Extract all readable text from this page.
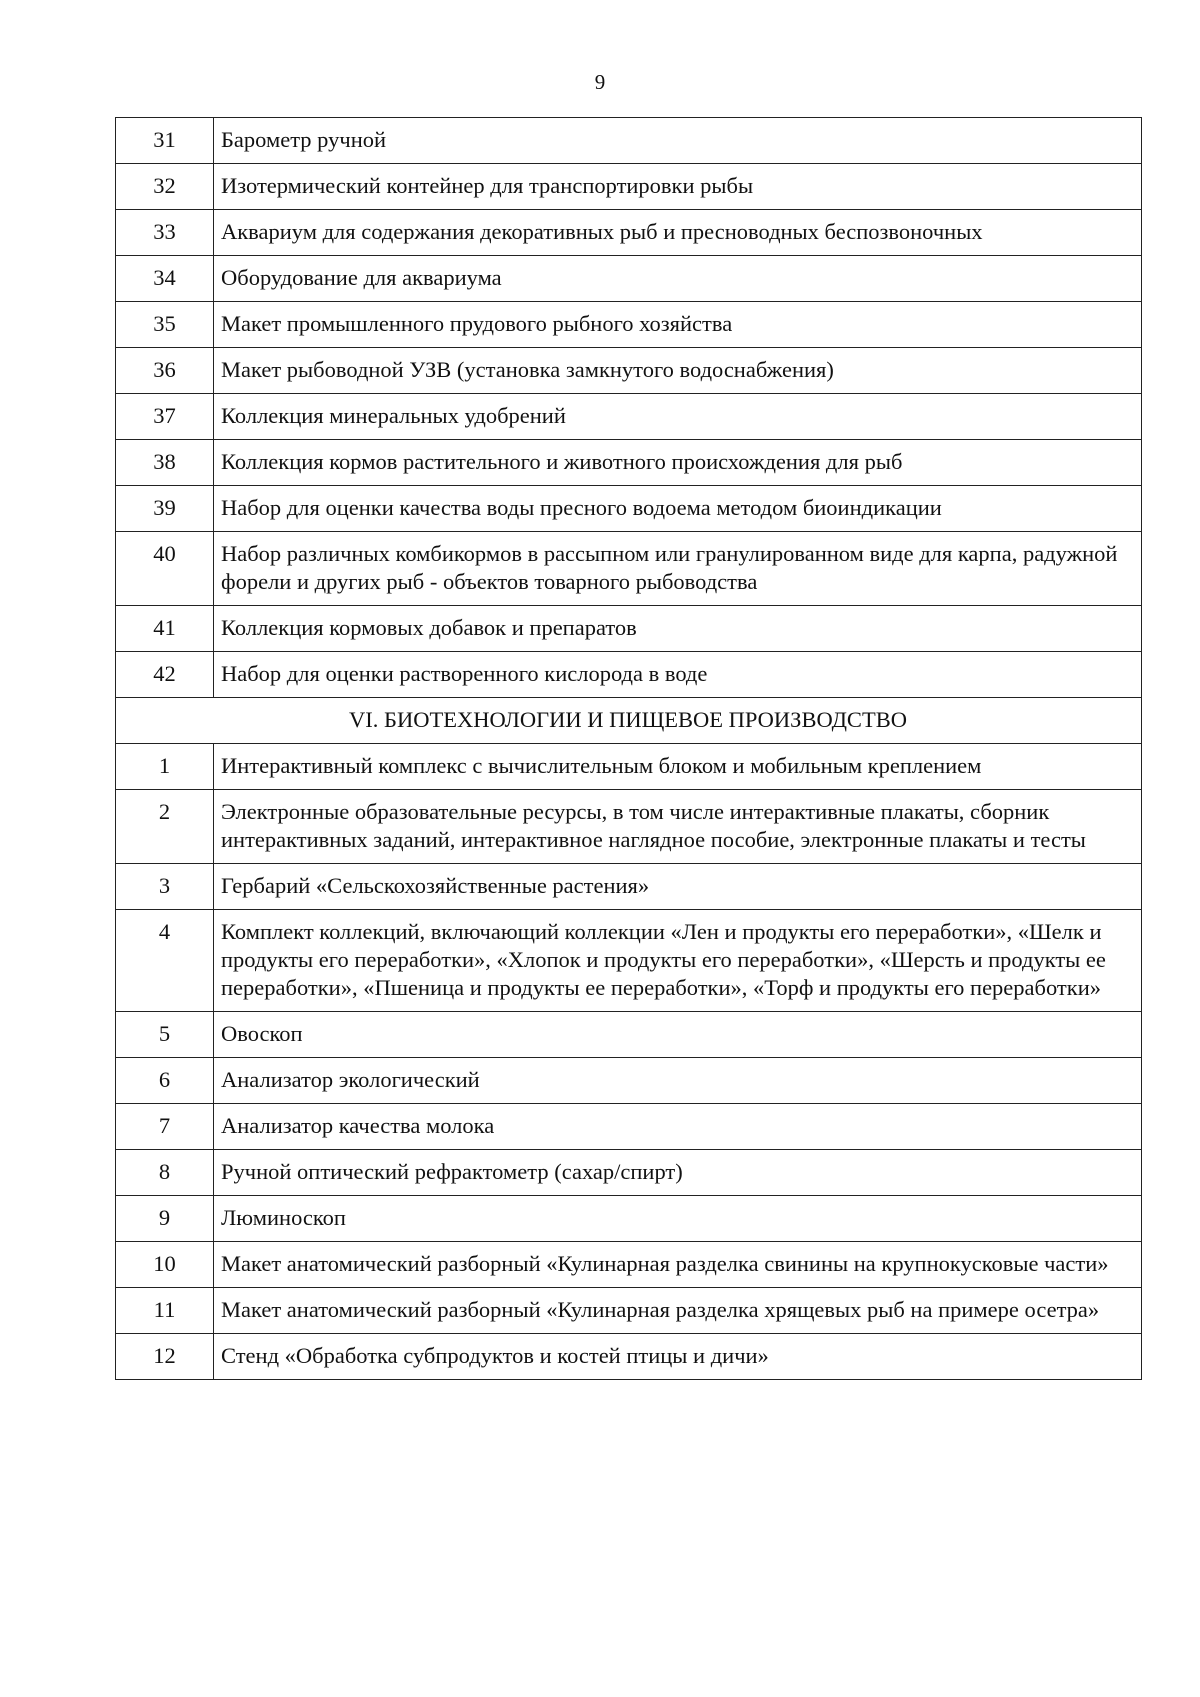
9
31	Барометр ручной
32	Изотермический контейнер для транспортировки рыбы
33	Аквариум для содержания декоративных рыб и пресноводных беспозвоночных
34	Оборудование для аквариума
35	Макет промышленного прудового рыбного хозяйства
36	Макет рыбоводной УЗВ (установка замкнутого водоснабжения)
37	Коллекция минеральных удобрений
38	Коллекция кормов растительного и животного происхождения для рыб
39	Набор для оценки качества воды пресного водоема методом биоиндикации
40	Набор различных комбикормов в рассыпном или гранулированном виде для карпа, радужной форели и других рыб - объектов товарного рыбоводства
41	Коллекция кормовых добавок и препаратов
42	Набор для оценки растворенного кислорода в воде
VI. БИОТЕХНОЛОГИИ И ПИЩЕВОЕ ПРОИЗВОДСТВО	
1	Интерактивный комплекс с вычислительным блоком и мобильным креплением
2	Электронные образовательные ресурсы, в том числе интерактивные плакаты, сборник интерактивных заданий, интерактивное наглядное пособие, электронные плакаты и тесты
3	Гербарий «Сельскохозяйственные растения»
4	Комплект коллекций, включающий коллекции «Лен и продукты его переработки», «Шелк и продукты его переработки», «Хлопок и продукты его переработки», «Шерсть и продукты ее переработки», «Пшеница и продукты ее переработки», «Торф и продукты его переработки»
5	Овоскоп
6	Анализатор экологический
7	Анализатор качества молока
8	Ручной оптический рефрактометр (сахар/спирт)
9	Люминоскоп
10	Макет анатомический разборный «Кулинарная разделка свинины на крупнокусковые части»
11	Макет анатомический разборный «Кулинарная разделка хрящевых рыб на примере осетра»
12	Стенд «Обработка субпродуктов и костей птицы и дичи»
